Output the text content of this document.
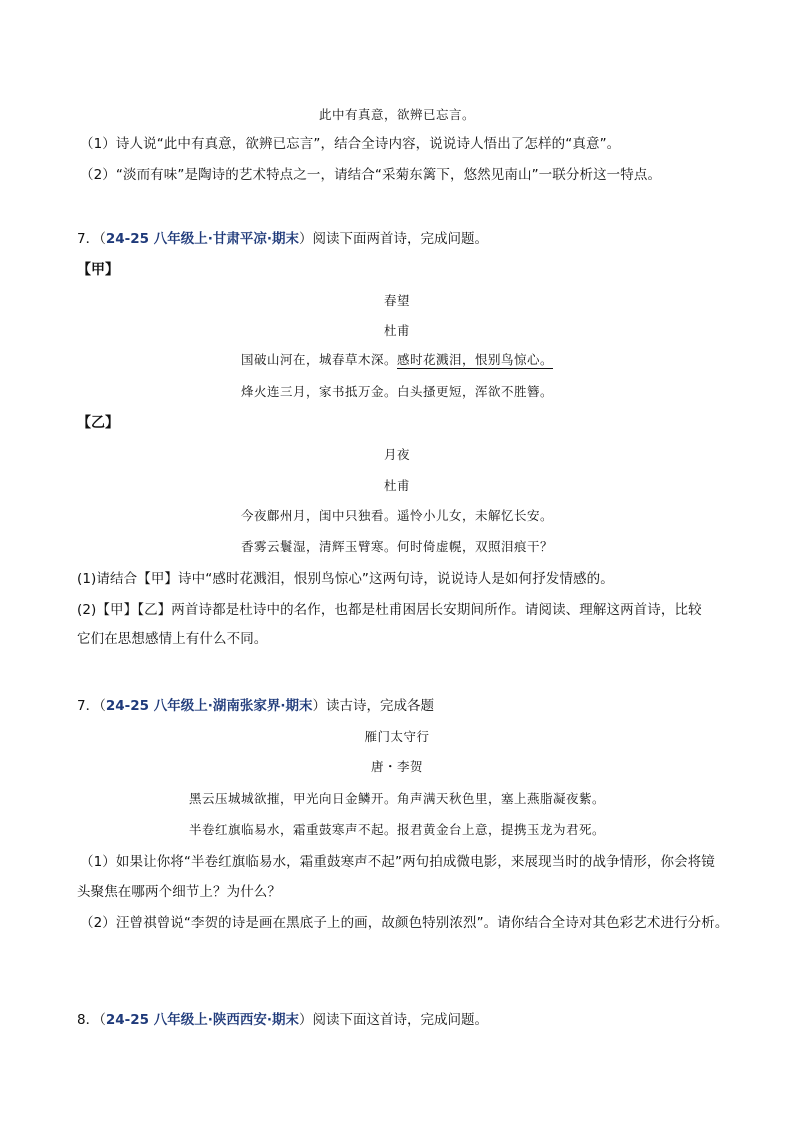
此中有真意，欲辨已忘言。
（1）诗人说“此中有真意，欲辨已忘言”，结合全诗内容，说说诗人悟出了怎样的“真意”。
（2）“淡而有味”是陶诗的艺术特点之一，请结合“采菊东篱下，悠然见南山”一联分析这一特点。
7．（24-25 八年级上·甘肃平凉·期末）阅读下面两首诗，完成问题。
【甲】
春望
杜甫
国破山河在，城春草木深。感时花溅泪，恨别鸟惊心。
烽火连三月，家书抵万金。白头搔更短，浑欲不胜簪。
【乙】
月夜
杜甫
今夜鄜州月，闺中只独看。遥怜小儿女，未解忆长安。
香雾云鬟湿，清辉玉臂寒。何时倚虚幌，双照泪痕干？
(1)请结合【甲】诗中“感时花溅泪，恨别鸟惊心”这两句诗，说说诗人是如何抒发情感的。
(2)【甲】【乙】两首诗都是杜诗中的名作，也都是杜甫困居长安期间所作。请阅读、理解这两首诗，比较
它们在思想感情上有什么不同。
7．（24-25 八年级上·湖南张家界·期末）读古诗，完成各题
雁门太守行
唐・李贺
黑云压城城欲摧，甲光向日金鳞开。角声满天秋色里，塞上燕脂凝夜紫。
半卷红旗临易水，霜重鼓寒声不起。报君黄金台上意，提携玉龙为君死。
（1）如果让你将“半卷红旗临易水，霜重鼓寒声不起”两句拍成微电影，来展现当时的战争情形，你会将镜
头聚焦在哪两个细节上？为什么？
（2）汪曾祺曾说“李贺的诗是画在黑底子上的画，故颜色特别浓烈”。请你结合全诗对其色彩艺术进行分析。
8．（24-25 八年级上·陕西西安·期末）阅读下面这首诗，完成问题。
